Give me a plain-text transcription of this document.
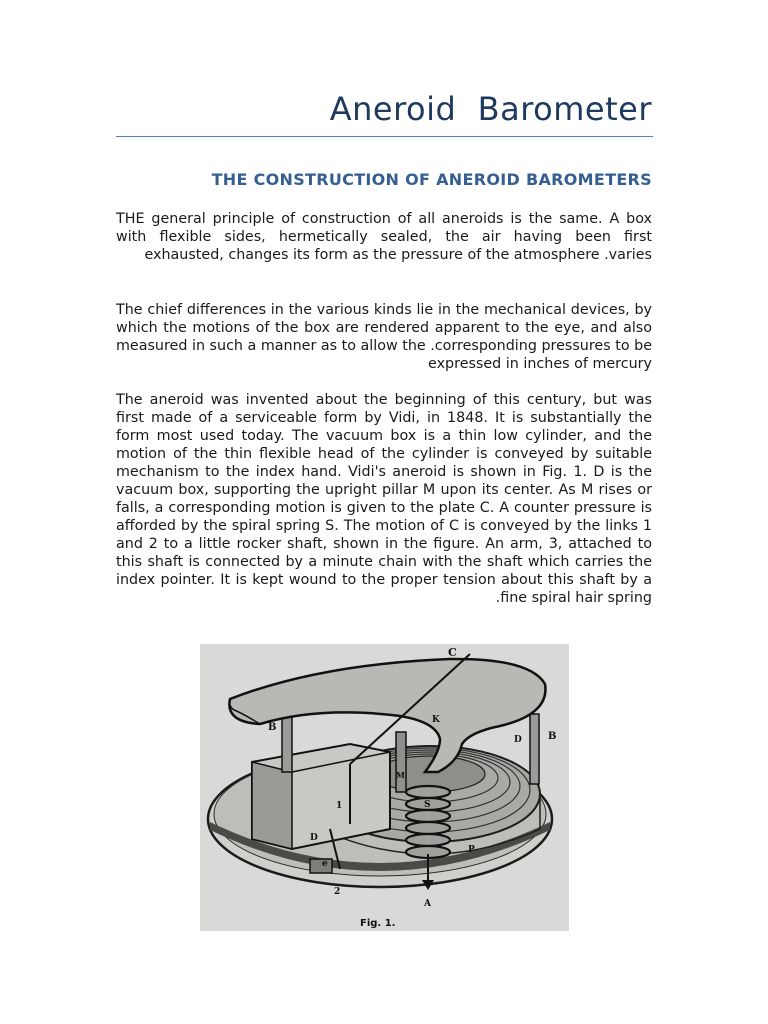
Aneroid  Barometer
THE CONSTRUCTION OF ANEROID BAROMETERS

THE general principle of construction of all aneroids is the same. A box with flexible sides, hermetically sealed, the air having been first exhausted, changes its form as the pressure of the atmosphere .varies

The chief differences in the various kinds lie in the mechanical devices, by which the motions of the box are rendered apparent to the eye, and also measured in such a manner as to allow the .corresponding pressures to be expressed in inches of mercury

The aneroid was invented about the beginning of this century, but was first made of a serviceable form by Vidi, in 1848. It is substantially the form most used today. The vacuum box is a thin low cylinder, and the motion of the thin flexible head of the cylinder is conveyed by suitable mechanism to the index hand. Vidi's aneroid is shown in Fig. 1. D is the vacuum box, supporting the upright pillar M upon its center. As M rises or falls, a corresponding motion is given to the plate C. A counter pressure is afforded by the spiral spring S. The motion of C is conveyed by the links 1 and 2 to a little rocker shaft, shown in the figure. An arm, 3, attached to this shaft is connected by a minute chain with the shaft which carries the index pointer. It is kept wound to the proper tension about this shaft by a .fine spiral hair spring

C
K
B
B
D
D
M
S
1
2
P
e
A
Fig. 1.
